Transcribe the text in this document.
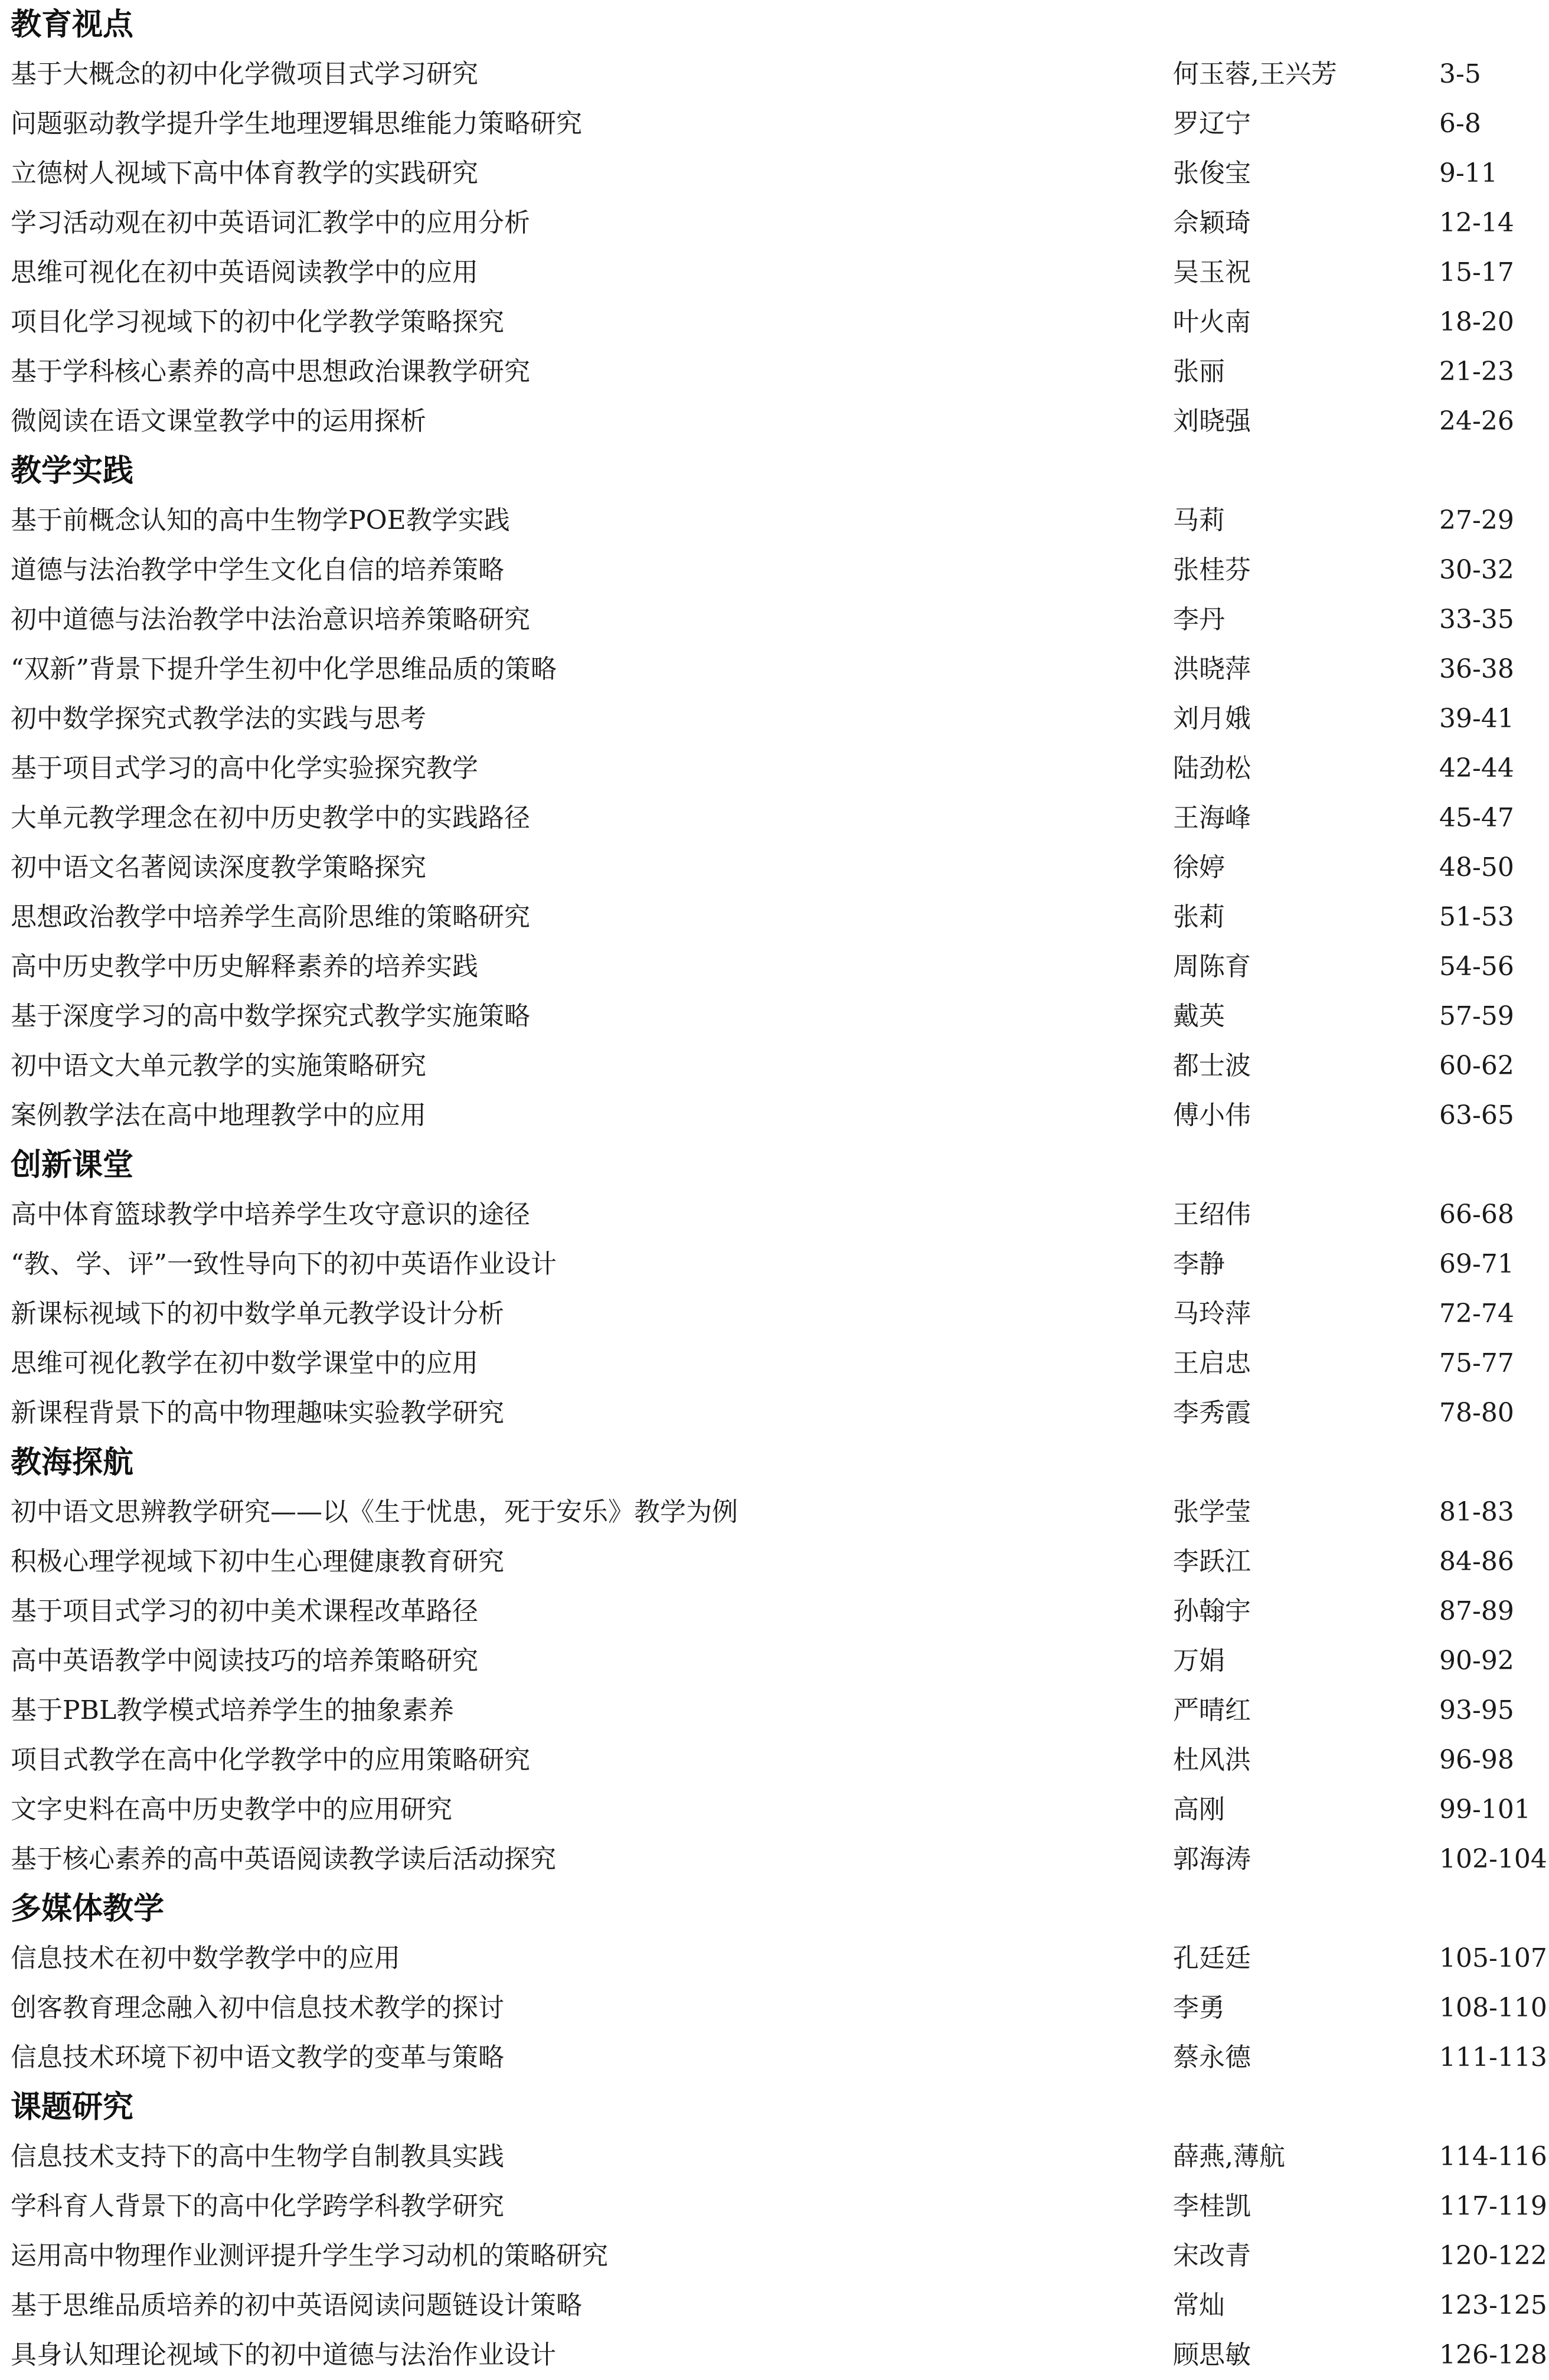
教育视点
基于大概念的初中化学微项目式学习研究	何玉蓉,王兴芳	3-5
问题驱动教学提升学生地理逻辑思维能力策略研究	罗辽宁	6-8
立德树人视域下高中体育教学的实践研究	张俊宝	9-11
学习活动观在初中英语词汇教学中的应用分析	佘颖琦	12-14
思维可视化在初中英语阅读教学中的应用	吴玉祝	15-17
项目化学习视域下的初中化学教学策略探究	叶火南	18-20
基于学科核心素养的高中思想政治课教学研究	张丽	21-23
微阅读在语文课堂教学中的运用探析	刘晓强	24-26
教学实践
基于前概念认知的高中生物学POE教学实践	马莉	27-29
道德与法治教学中学生文化自信的培养策略	张桂芬	30-32
初中道德与法治教学中法治意识培养策略研究	李丹	33-35
“双新”背景下提升学生初中化学思维品质的策略	洪晓萍	36-38
初中数学探究式教学法的实践与思考	刘月娥	39-41
基于项目式学习的高中化学实验探究教学	陆劲松	42-44
大单元教学理念在初中历史教学中的实践路径	王海峰	45-47
初中语文名著阅读深度教学策略探究	徐婷	48-50
思想政治教学中培养学生高阶思维的策略研究	张莉	51-53
高中历史教学中历史解释素养的培养实践	周陈育	54-56
基于深度学习的高中数学探究式教学实施策略	戴英	57-59
初中语文大单元教学的实施策略研究	都士波	60-62
案例教学法在高中地理教学中的应用	傅小伟	63-65
创新课堂
高中体育篮球教学中培养学生攻守意识的途径	王绍伟	66-68
“教、学、评”一致性导向下的初中英语作业设计	李静	69-71
新课标视域下的初中数学单元教学设计分析	马玲萍	72-74
思维可视化教学在初中数学课堂中的应用	王启忠	75-77
新课程背景下的高中物理趣味实验教学研究	李秀霞	78-80
教海探航
初中语文思辨教学研究——以《生于忧患，死于安乐》教学为例	张学莹	81-83
积极心理学视域下初中生心理健康教育研究	李跃江	84-86
基于项目式学习的初中美术课程改革路径	孙翰宇	87-89
高中英语教学中阅读技巧的培养策略研究	万娟	90-92
基于PBL教学模式培养学生的抽象素养	严晴红	93-95
项目式教学在高中化学教学中的应用策略研究	杜风洪	96-98
文字史料在高中历史教学中的应用研究	高刚	99-101
基于核心素养的高中英语阅读教学读后活动探究	郭海涛	102-104
多媒体教学
信息技术在初中数学教学中的应用	孔廷廷	105-107
创客教育理念融入初中信息技术教学的探讨	李勇	108-110
信息技术环境下初中语文教学的变革与策略	蔡永德	111-113
课题研究
信息技术支持下的高中生物学自制教具实践	薛燕,薄航	114-116
学科育人背景下的高中化学跨学科教学研究	李桂凯	117-119
运用高中物理作业测评提升学生学习动机的策略研究	宋改青	120-122
基于思维品质培养的初中英语阅读问题链设计策略	常灿	123-125
具身认知理论视域下的初中道德与法治作业设计	顾思敏	126-128
